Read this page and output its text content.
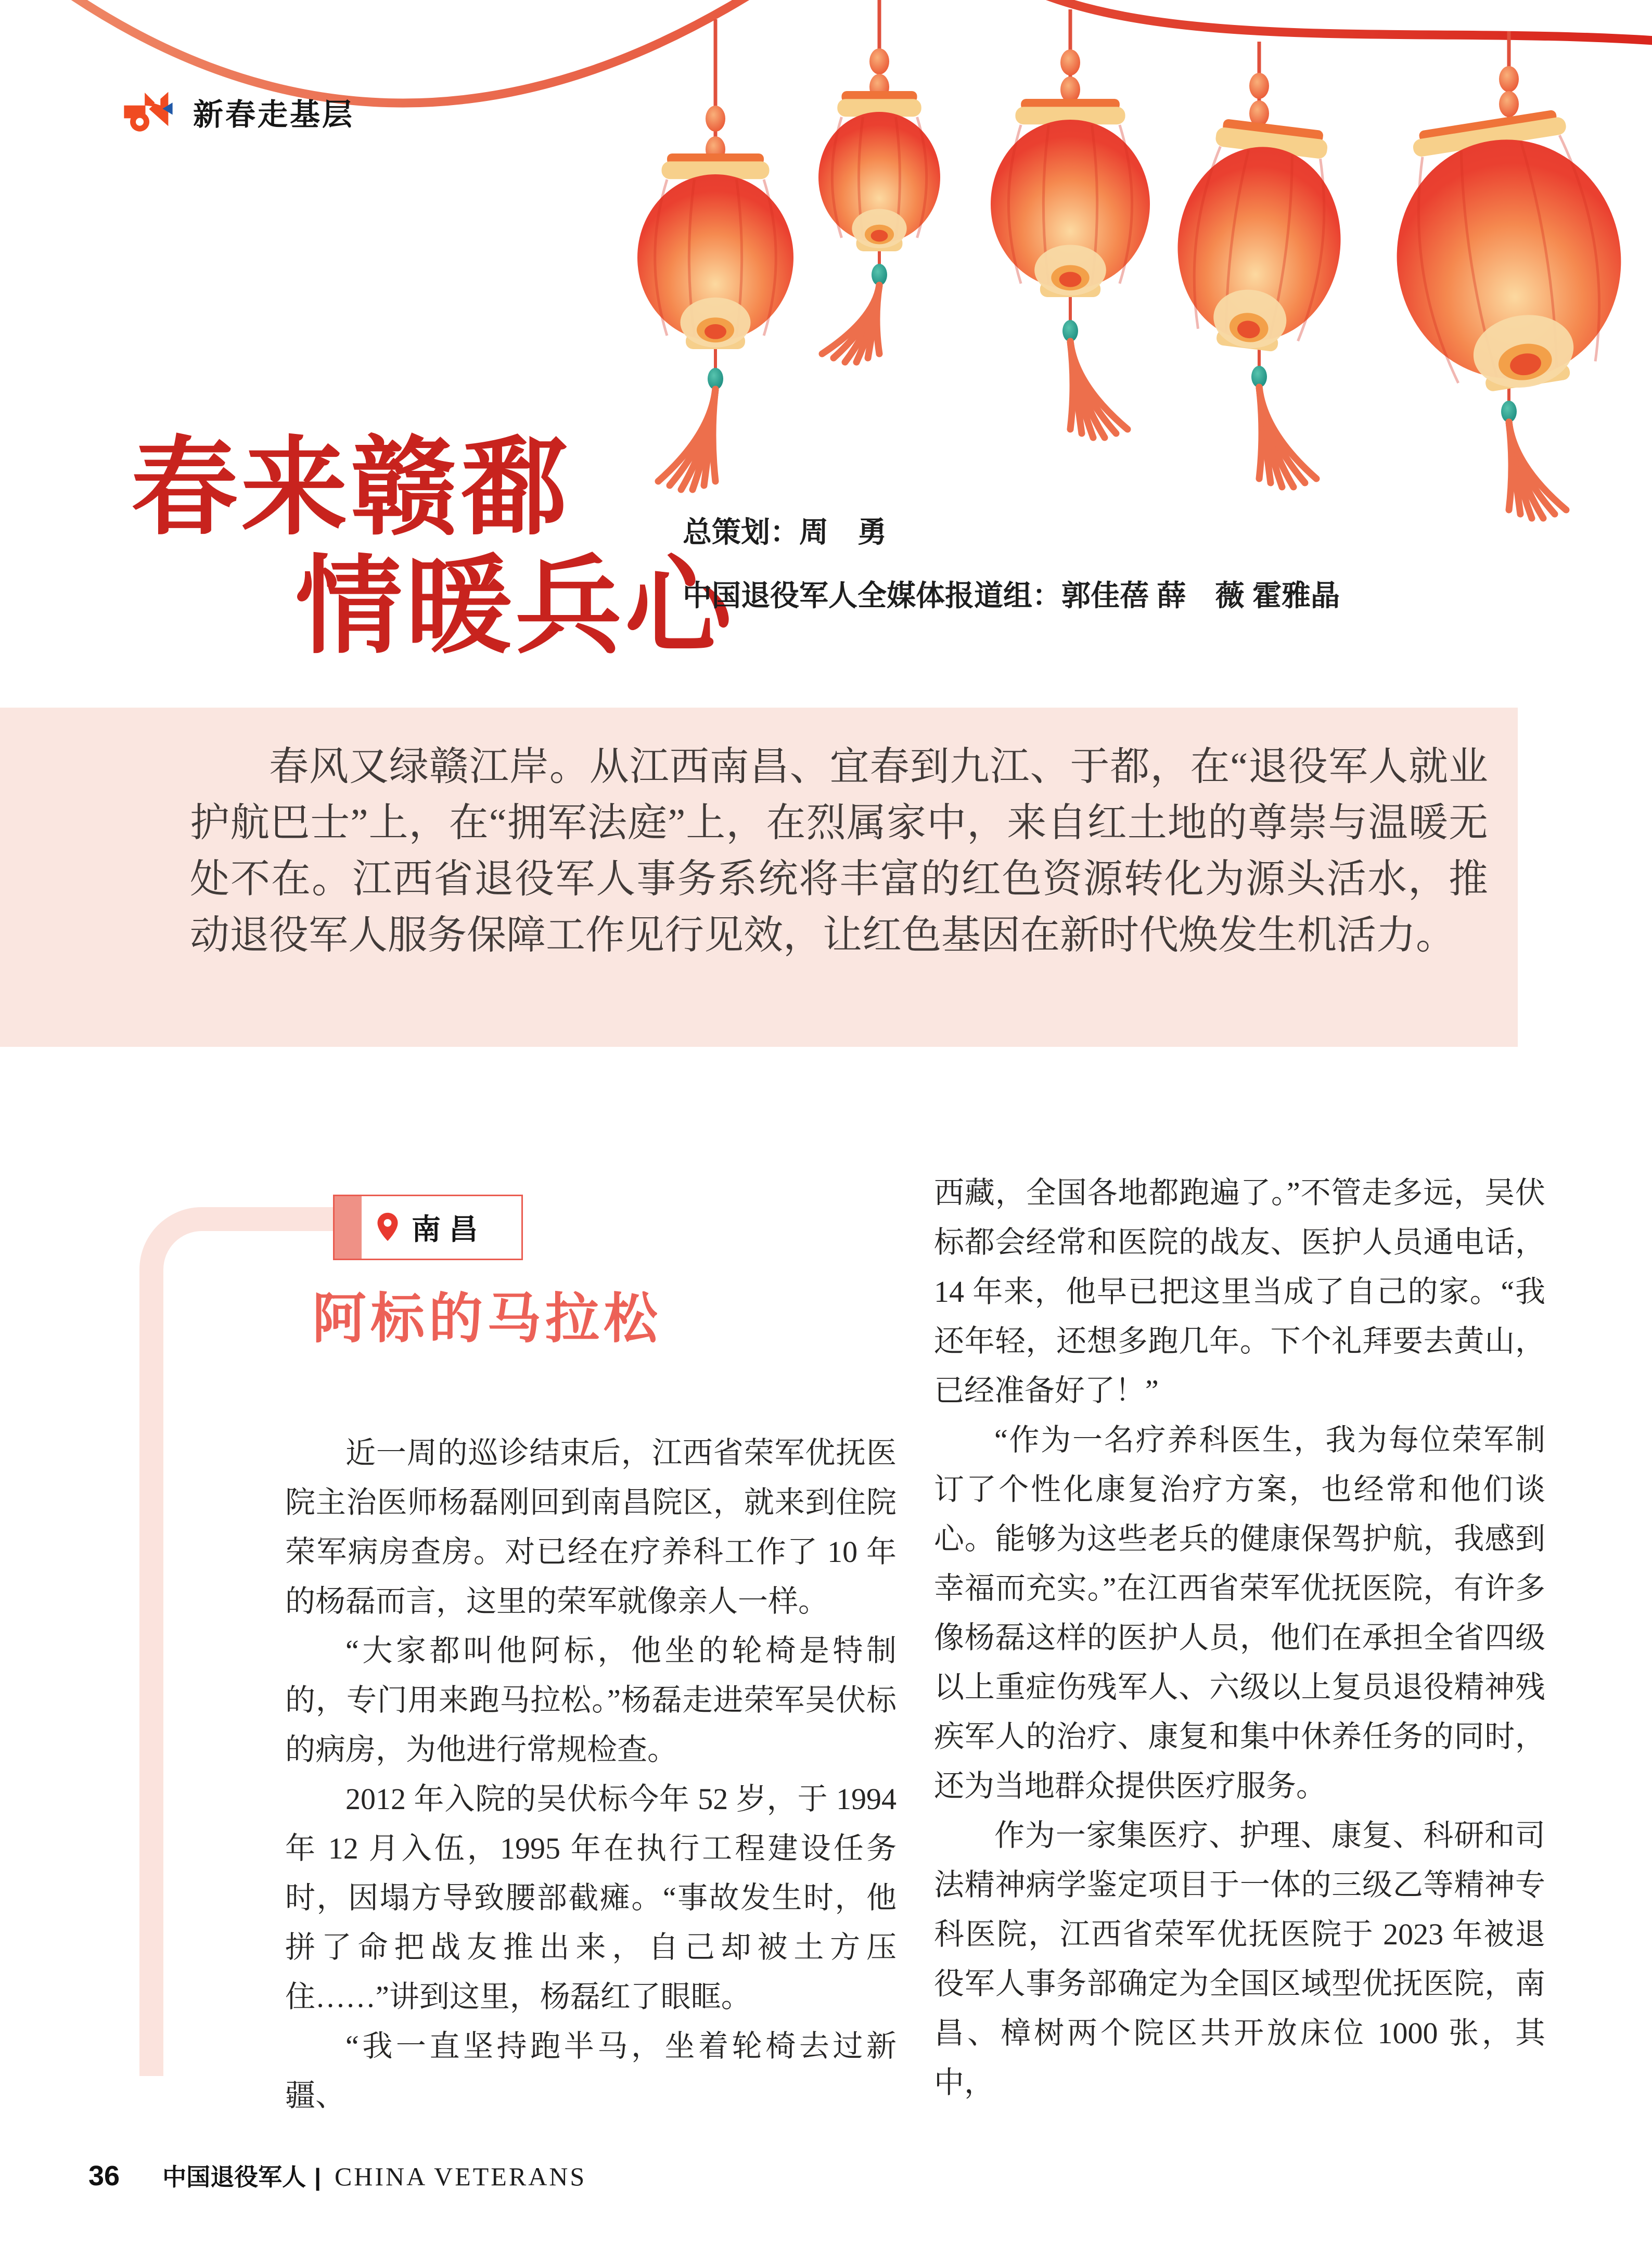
新春走基层
春来赣鄱
情暖兵心
总策划：周　勇
中国退役军人全媒体报道组：郭佳蓓 薛　薇 霍雅晶

春风又绿赣江岸。从江西南昌、宜春到九江、于都，在“退役军人就业护航巴士”上，在“拥军法庭”上，在烈属家中，来自红土地的尊崇与温暖无处不在。江西省退役军人事务系统将丰富的红色资源转化为源头活水，推动退役军人服务保障工作见行见效，让红色基因在新时代焕发生机活力。

南 昌
阿标的马拉松

近一周的巡诊结束后，江西省荣军优抚医院主治医师杨磊刚回到南昌院区，就来到住院荣军病房查房。对已经在疗养科工作了 10 年的杨磊而言，这里的荣军就像亲人一样。

“大家都叫他阿标，他坐的轮椅是特制的，专门用来跑马拉松。”杨磊走进荣军吴伏标的病房，为他进行常规检查。

2012 年入院的吴伏标今年 52 岁，于 1994 年 12 月入伍，1995 年在执行工程建设任务时，因塌方导致腰部截瘫。“事故发生时，他拼了命把战友推出来，自己却被土方压住……”讲到这里，杨磊红了眼眶。

“我一直坚持跑半马，坐着轮椅去过新疆、

西藏，全国各地都跑遍了。”不管走多远，吴伏标都会经常和医院的战友、医护人员通电话，14 年来，他早已把这里当成了自己的家。“我还年轻，还想多跑几年。下个礼拜要去黄山，已经准备好了！”

“作为一名疗养科医生，我为每位荣军制订了个性化康复治疗方案，也经常和他们谈心。能够为这些老兵的健康保驾护航，我感到幸福而充实。”在江西省荣军优抚医院，有许多像杨磊这样的医护人员，他们在承担全省四级以上重症伤残军人、六级以上复员退役精神残疾军人的治疗、康复和集中休养任务的同时，还为当地群众提供医疗服务。

作为一家集医疗、护理、康复、科研和司法精神病学鉴定项目于一体的三级乙等精神专科医院，江西省荣军优抚医院于 2023 年被退役军人事务部确定为全国区域型优抚医院，南昌、樟树两个院区共开放床位 1000 张，其中，

36 中国退役军人 | CHINA VETERANS
